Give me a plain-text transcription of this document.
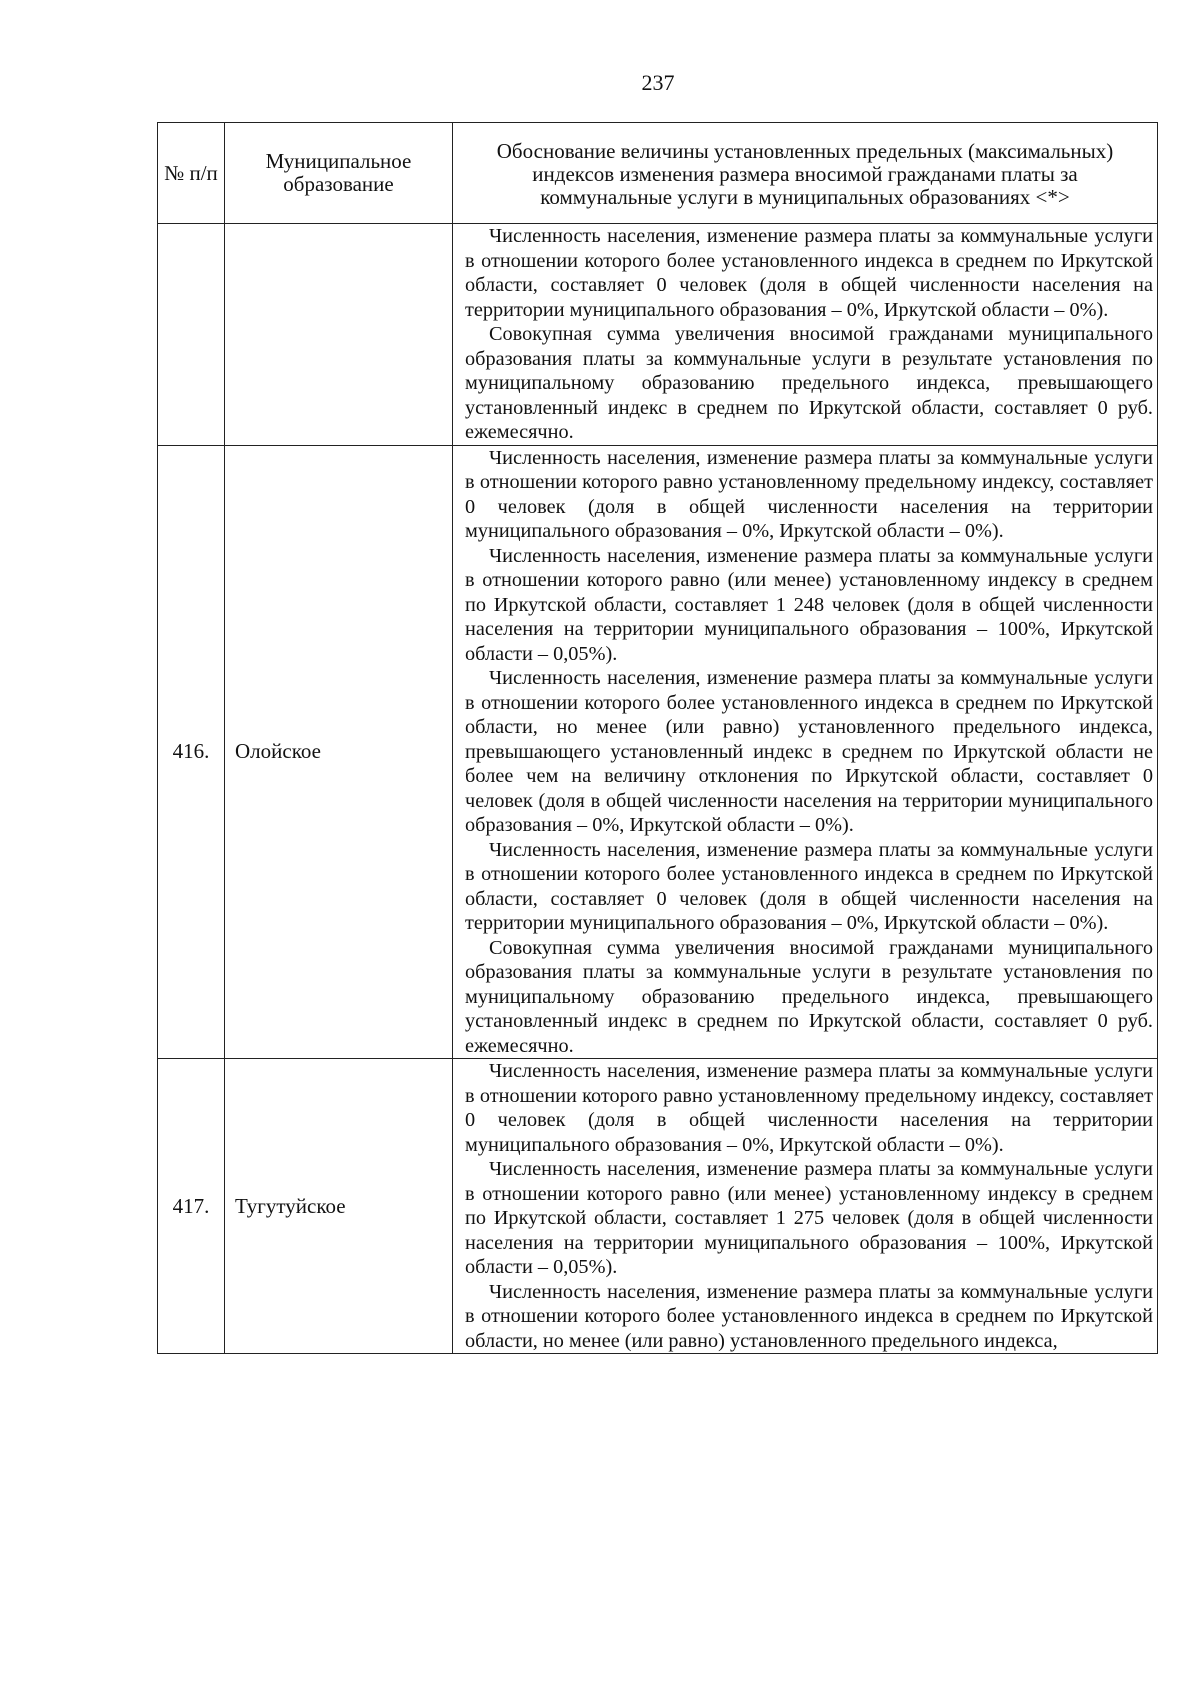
237
№ п/п	Муниципальное образование	Обоснование величины установленных предельных (максимальных) индексов изменения размера вносимой гражданами платы за коммунальные услуги в муниципальных образованиях <*>

		Численность населения, изменение размера платы за коммунальные услуги в отношении которого более установленного индекса в среднем по Иркутской области, составляет 0 человек (доля в общей численности населения на территории муниципального образования – 0%, Иркутской области – 0%).

Совокупная сумма увеличения вносимой гражданами муниципального образования платы за коммунальные услуги в результате установления по муниципальному образованию предельного индекса, превышающего установленный индекс в среднем по Иркутской области, составляет 0 руб. ежемесячно.

416.	Олойское	Численность населения, изменение размера платы за коммунальные услуги в отношении которого равно установленному предельному индексу, составляет 0 человек (доля в общей численности населения на территории муниципального образования – 0%, Иркутской области – 0%).

Численность населения, изменение размера платы за коммунальные услуги в отношении которого равно (или менее) установленному индексу в среднем по Иркутской области, составляет 1 248 человек (доля в общей численности населения на территории муниципального образования – 100%, Иркутской области – 0,05%).

Численность населения, изменение размера платы за коммунальные услуги в отношении которого более установленного индекса в среднем по Иркутской области, но менее (или равно) установленного предельного индекса, превышающего установленный индекс в среднем по Иркутской области не более чем на величину отклонения по Иркутской области, составляет 0 человек (доля в общей численности населения на территории муниципального образования – 0%, Иркутской области – 0%).

Численность населения, изменение размера платы за коммунальные услуги в отношении которого более установленного индекса в среднем по Иркутской области, составляет 0 человек (доля в общей численности населения на территории муниципального образования – 0%, Иркутской области – 0%).

Совокупная сумма увеличения вносимой гражданами муниципального образования платы за коммунальные услуги в результате установления по муниципальному образованию предельного индекса, превышающего установленный индекс в среднем по Иркутской области, составляет 0 руб. ежемесячно.

417.	Тугутуйское	Численность населения, изменение размера платы за коммунальные услуги в отношении которого равно установленному предельному индексу, составляет 0 человек (доля в общей численности населения на территории муниципального образования – 0%, Иркутской области – 0%).

Численность населения, изменение размера платы за коммунальные услуги в отношении которого равно (или менее) установленному индексу в среднем по Иркутской области, составляет 1 275 человек (доля в общей численности населения на территории муниципального образования – 100%, Иркутской области – 0,05%).

Численность населения, изменение размера платы за коммунальные услуги в отношении которого более установленного индекса в среднем по Иркутской области, но менее (или равно) установленного предельного индекса,
